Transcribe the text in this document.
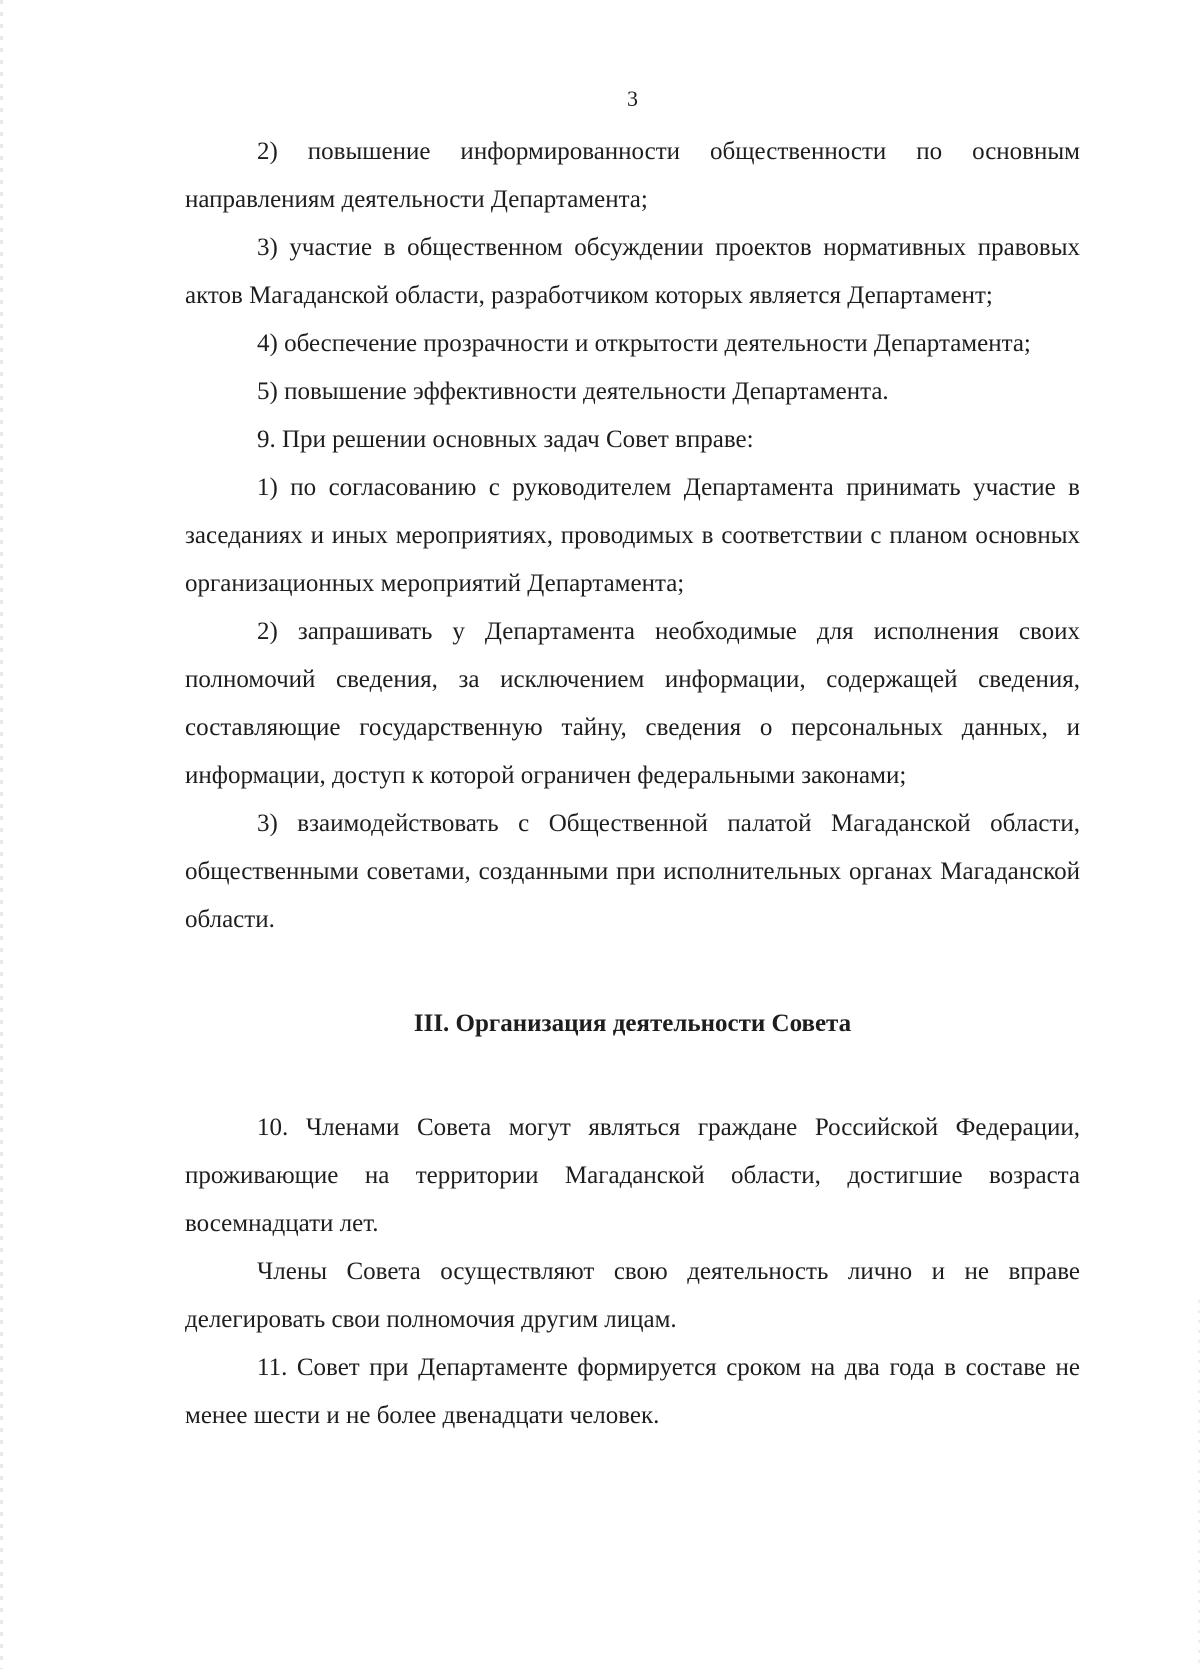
3

2) повышение информированности общественности по основным направлениям деятельности Департамента;

3) участие в общественном обсуждении проектов нормативных правовых актов Магаданской области, разработчиком которых является Департамент;

4) обеспечение прозрачности и открытости деятельности Департамента;

5) повышение эффективности деятельности Департамента.

9. При решении основных задач Совет вправе:

1) по согласованию с руководителем Департамента принимать участие в заседаниях и иных мероприятиях, проводимых в соответствии с планом основных организационных мероприятий Департамента;

2) запрашивать у Департамента необходимые для исполнения своих полномочий сведения, за исключением информации, содержащей сведения, составляющие государственную тайну, сведения о персональных данных, и информации, доступ к которой ограничен федеральными законами;

3) взаимодействовать с Общественной палатой Магаданской области, общественными советами, созданными при исполнительных органах Магаданской области.

III. Организация деятельности Совета

10. Членами Совета могут являться граждане Российской Федерации, проживающие на территории Магаданской области, достигшие возраста восемнадцати лет.

Члены Совета осуществляют свою деятельность лично и не вправе делегировать свои полномочия другим лицам.

11. Совет при Департаменте формируется сроком на два года в составе не менее шести и не более двенадцати человек.
